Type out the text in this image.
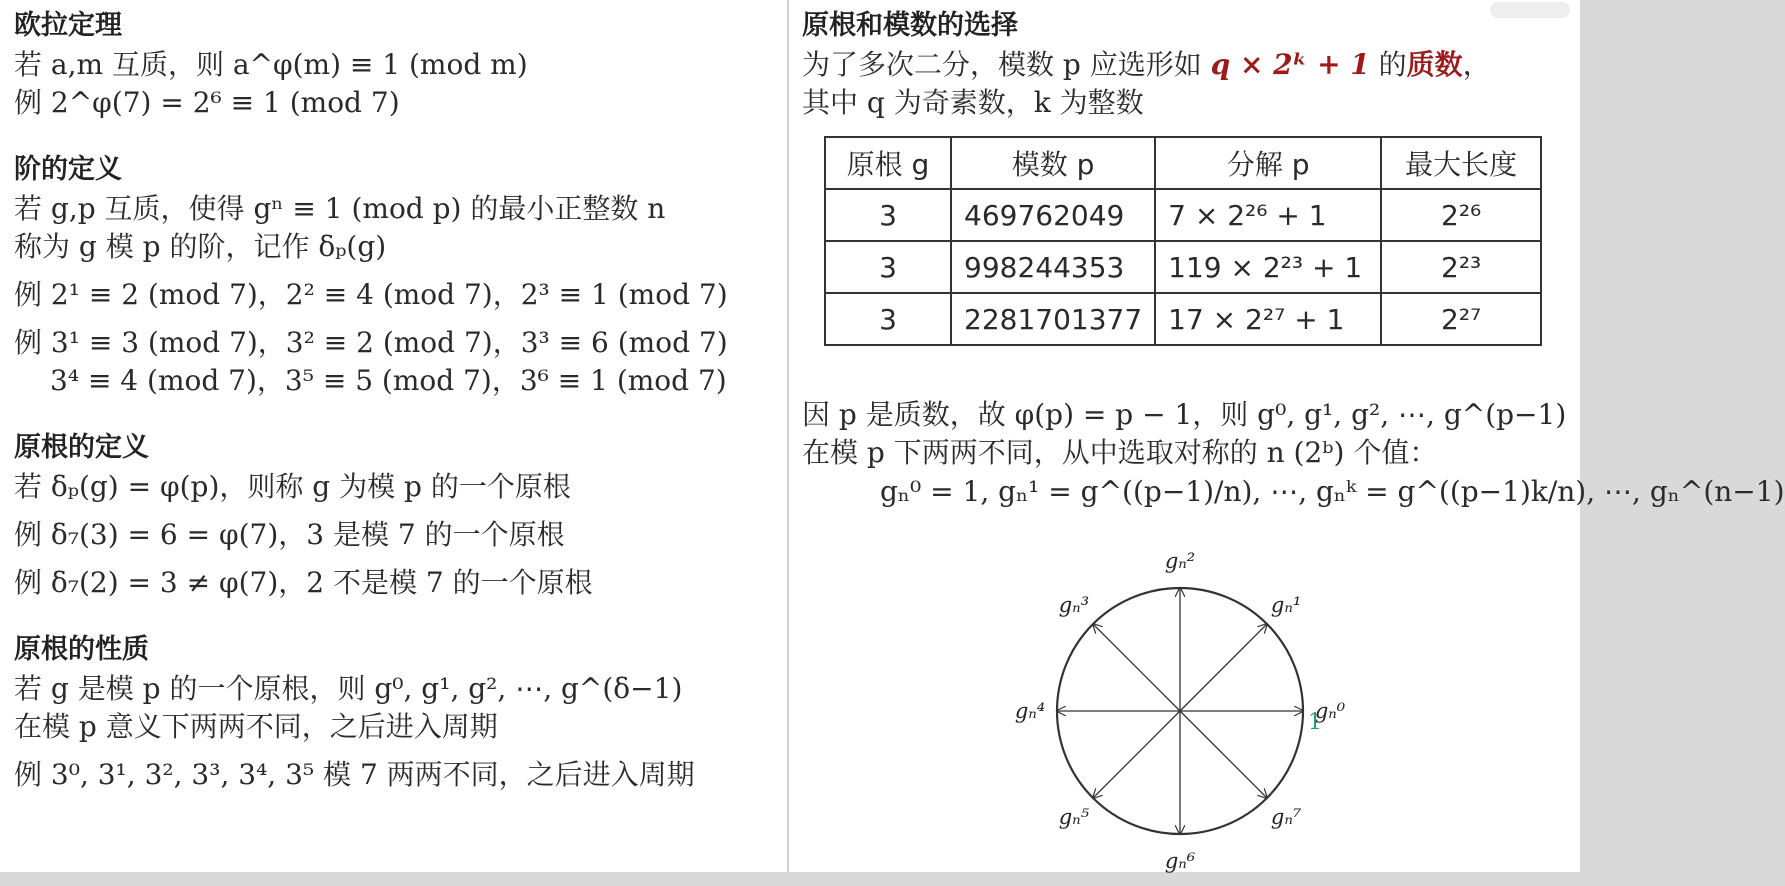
欧拉定理

若 a,m 互质，则 a^φ(m) ≡ 1 (mod m)
例 2^φ(7) = 2⁶ ≡ 1 (mod 7)

阶的定义

若 g,p 互质，使得 gⁿ ≡ 1 (mod p) 的最小正整数 n
称为 g 模 p 的阶，记作 δₚ(g)
例 2¹ ≡ 2 (mod 7)，2² ≡ 4 (mod 7)，2³ ≡ 1 (mod 7)
例 3¹ ≡ 3 (mod 7)，3² ≡ 2 (mod 7)，3³ ≡ 6 (mod 7)
3⁴ ≡ 4 (mod 7)，3⁵ ≡ 5 (mod 7)，3⁶ ≡ 1 (mod 7)

原根的定义

若 δₚ(g) = φ(p)，则称 g 为模 p 的一个原根
例 δ₇(3) = 6 = φ(7)，3 是模 7 的一个原根
例 δ₇(2) = 3 ≠ φ(7)，2 不是模 7 的一个原根

原根的性质

若 g 是模 p 的一个原根，则 g⁰, g¹, g², ⋯, g^(δ−1)
在模 p 意义下两两不同，之后进入周期
例 3⁰, 3¹, 3², 3³, 3⁴, 3⁵ 模 7 两两不同，之后进入周期

原根和模数的选择

为了多次二分，模数 p 应选形如 q × 2ᵏ + 1 的质数，
其中 q 为奇素数，k 为整数
原根 g	模数 p	分解 p	最大长度
3	469762049	7 × 2²⁶ + 1	2²⁶
3	998244353	119 × 2²³ + 1	2²³
3	2281701377	17 × 2²⁷ + 1	2²⁷
因 p 是质数，故 φ(p) = p − 1，则 g⁰, g¹, g², ⋯, g^(p−1)
在模 p 下两两不同，从中选取对称的 n (2ᵇ) 个值：
gₙ⁰ = 1, gₙ¹ = g^((p−1)/n), ⋯, gₙᵏ = g^((p−1)k/n), ⋯, gₙ^(n−1)
gₙ⁰
gₙ¹
gₙ²
gₙ³
gₙ⁴
gₙ⁵
gₙ⁶
gₙ⁷
1
